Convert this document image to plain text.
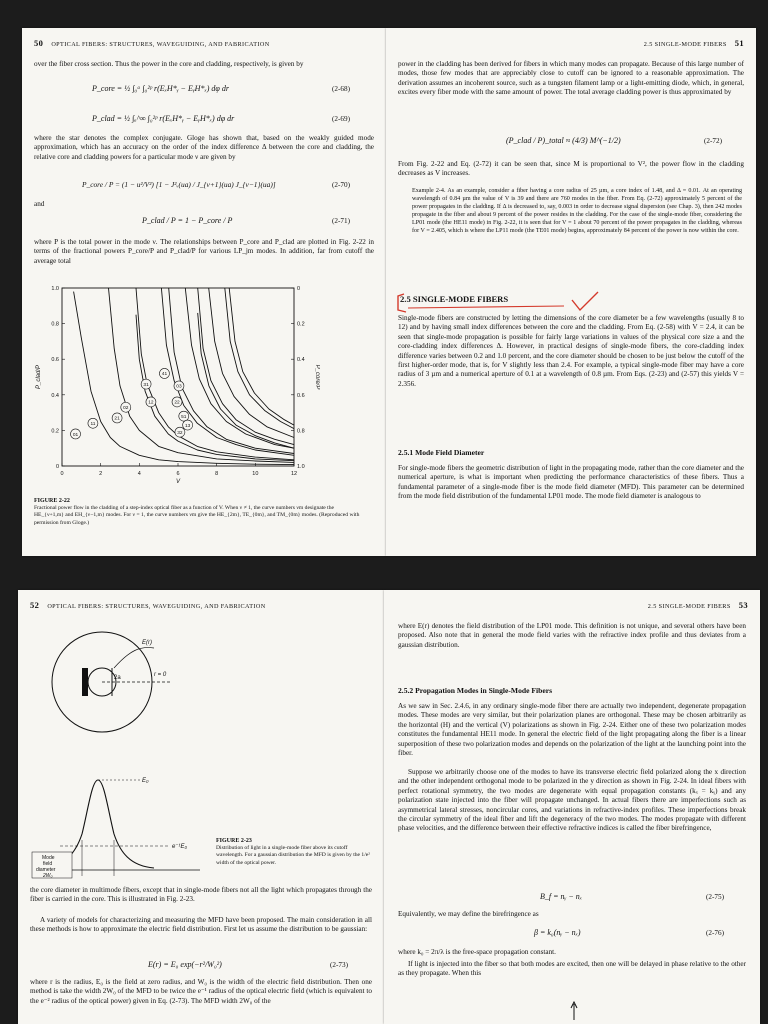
50 OPTICAL FIBERS: STRUCTURES, WAVEGUIDING, AND FABRICATION
over the fiber cross section. Thus the power in the core and cladding, respectively, is given by
P_core = ½ ∫₀ᵃ ∫₀²ᵖ r(EₓH*ᵧ − EᵧH*ₓ) dφ dr	(2-68)
P_clad = ½ ∫ₐ^∞ ∫₀²ᵖ r(EₓH*ᵧ − EᵧH*ₓ) dφ dr	(2-69)
where the star denotes the complex conjugate. Gloge has shown that, based on the weakly guided mode approximation, which has an accuracy on the order of the index difference Δ between the core and cladding, the relative core and cladding powers for a particular mode ν are given by
P_core / P = (1 − u²/V²) [1 − J²ᵥ(ua) / J_{ν+1}(ua) J_{ν−1}(ua)]	(2-70)
and
P_clad / P = 1 − P_core / P	(2-71)
where P is the total power in the mode ν. The relationships between P_core and P_clad are plotted in Fig. 2-22 in terms of the fractional powers P_core/P and P_clad/P for various LP_jm modes. In addition, far from cutoff the average total
0	2	4	6	8	10	12
0
0.2
0.4
0.6
0.8
1.0
1.0
0.8
0.6
0.4
0.2
0
V
P_clad/P	P_core/P
01
11
21
02
31
12
41
22
03
51
32
13
FIGURE 2-22
Fractional power flow in the cladding of a step-index optical fiber as a function of V. When ν ≠ 1, the curve numbers νm designate the HE_{ν+1,m} and EH_{ν−1,m} modes. For ν = 1, the curve numbers νm give the HE_{2m}, TE_{0m}, and TM_{0m} modes. (Reproduced with permission from Gloge.)
2.5 SINGLE-MODE FIBERS 51
power in the cladding has been derived for fibers in which many modes can propagate. Because of this large number of modes, those few modes that are appreciably close to cutoff can be ignored to a reasonable approximation. The derivation assumes an incoherent source, such as a tungsten filament lamp or a light-emitting diode, which, in general, excites every fiber mode with the same amount of power. The total average cladding power is thus approximated by
(P_clad / P)_total ≈ (4/3) M^(−1/2)	(2-72)
From Fig. 2-22 and Eq. (2-72) it can be seen that, since M is proportional to V², the power flow in the cladding decreases as V increases.
Example 2-4. As an example, consider a fiber having a core radius of 25 µm, a core index of 1.48, and Δ = 0.01. At an operating wavelength of 0.84 µm the value of V is 39 and there are 760 modes in the fiber. From Eq. (2-72) approximately 5 percent of the power propagates in the cladding. If Δ is decreased to, say, 0.003 in order to decrease signal dispersion (see Chap. 3), then 242 modes propagate in the fiber and about 9 percent of the power resides in the cladding. For the case of the single-mode fiber, considering the LP01 mode (the HE11 mode) in Fig. 2-22, it is seen that for V = 1 about 70 percent of the power propagates in the cladding, whereas for V = 2.405, which is where the LP11 mode (the TE01 mode) begins, approximately 84 percent of the power is now within the core.
2.5 SINGLE-MODE FIBERS
Single-mode fibers are constructed by letting the dimensions of the core diameter be a few wavelengths (usually 8 to 12) and by having small index differences between the core and the cladding. From Eq. (2-58) with V = 2.4, it can be seen that single-mode propagation is possible for fairly large variations in values of the physical core size a and the core-cladding index differences Δ. However, in practical designs of single-mode fibers, the core-cladding index difference varies between 0.2 and 1.0 percent, and the core diameter should be chosen to be just below the cutoff of the first higher-order mode, that is, for V slightly less than 2.4. For example, a typical single-mode fiber may have a core radius of 3 µm and a numerical aperture of 0.1 at a wavelength of 0.8 µm. From Eqs. (2-23) and (2-57) this yields V = 2.356.
2.5.1 Mode Field Diameter
For single-mode fibers the geometric distribution of light in the propagating mode, rather than the core diameter and the numerical aperture, is what is important when predicting the performance characteristics of these fibers. Thus a fundamental parameter of a single-mode fiber is the mode field diameter (MFD). This parameter can be determined from the mode field distribution of the fundamental LP01 mode. The mode field diameter is analogous to
52 OPTICAL FIBERS: STRUCTURES, WAVEGUIDING, AND FABRICATION
2a	r = 0
E(r)
E₀
e⁻¹E₀
Mode
field
diameter
2W₀
FIGURE 2-23
Distribution of light in a single-mode fiber above its cutoff wavelength. For a gaussian distribution the MFD is given by the 1/e² width of the optical power.
the core diameter in multimode fibers, except that in single-mode fibers not all the light which propagates through the fiber is carried in the core. This is illustrated in Fig. 2-23.
A variety of models for characterizing and measuring the MFD have been proposed. The main consideration in all these methods is how to approximate the electric field distribution. First let us assume the distribution to be gaussian:
E(r) = E₀ exp(−r²/W₀²)	(2-73)
where r is the radius, E₀ is the field at zero radius, and W₀ is the width of the electric field distribution. Then one method is take the width 2W₀ of the MFD to be twice the e⁻¹ radius of the optical electric field (which is equivalent to the e⁻² radius of the optical power) given in Eq. (2-73). The MFD width 2W₀ of the
2.5 SINGLE-MODE FIBERS 53
where E(r) denotes the field distribution of the LP01 mode. This definition is not unique, and several others have been proposed. Also note that in general the mode field varies with the refractive index profile and thus deviates from a gaussian distribution.
2.5.2 Propagation Modes in Single-Mode Fibers
As we saw in Sec. 2.4.6, in any ordinary single-mode fiber there are actually two independent, degenerate propagation modes. These modes are very similar, but their polarization planes are orthogonal. These may be chosen arbitrarily as the horizontal (H) and the vertical (V) polarizations as shown in Fig. 2-24. Either one of these two polarization modes constitutes the fundamental HE11 mode. In general the electric field of the light propagating along the fiber is a linear superposition of these two polarization modes and depends on the polarization of the light at the launching point into the fiber.
Suppose we arbitrarily choose one of the modes to have its transverse electric field polarized along the x direction and the other independent orthogonal mode to be polarized in the y direction as shown in Fig. 2-24. In ideal fibers with perfect rotational symmetry, the two modes are degenerate with equal propagation constants (kₓ = kᵧ) and any polarization state injected into the fiber will propagate unchanged. In actual fibers there are imperfections such as asymmetrical lateral stresses, noncircular cores, and variations in refractive-index profiles. These imperfections break the circular symmetry of the ideal fiber and lift the degeneracy of the two modes. The modes propagate with different phase velocities, and the difference between their effective refractive indices is called the fiber birefringence,
B_f = nᵧ − nₓ	(2-75)
Equivalently, we may define the birefringence as
β = k₀(nᵧ − nₓ)	(2-76)
where k₀ = 2π/λ is the free-space propagation constant.
If light is injected into the fiber so that both modes are excited, then one will be delayed in phase relative to the other as they propagate. When this
